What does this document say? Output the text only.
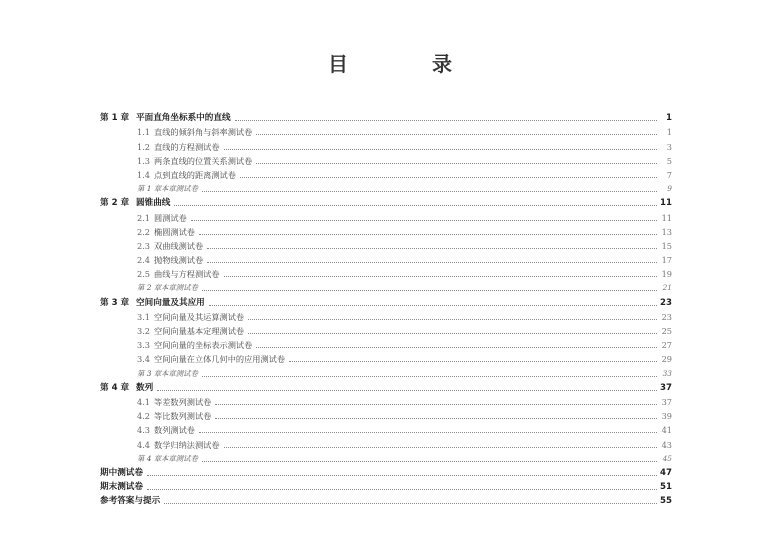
目　录
第 1 章 平面直角坐标系中的直线	1
1.1 直线的倾斜角与斜率测试卷	1
1.2 直线的方程测试卷	3
1.3 两条直线的位置关系测试卷	5
1.4 点到直线的距离测试卷	7
第 1 章 本章测试卷	9
第 2 章 圆锥曲线	11
2.1 圆测试卷	11
2.2 椭圆测试卷	13
2.3 双曲线测试卷	15
2.4 抛物线测试卷	17
2.5 曲线与方程测试卷	19
第 2 章 本章测试卷	21
第 3 章 空间向量及其应用	23
3.1 空间向量及其运算测试卷	23
3.2 空间向量基本定理测试卷	25
3.3 空间向量的坐标表示测试卷	27
3.4 空间向量在立体几何中的应用测试卷	29
第 3 章 本章测试卷	33
第 4 章 数列	37
4.1 等差数列测试卷	37
4.2 等比数列测试卷	39
4.3 数列测试卷	41
4.4 数学归纳法测试卷	43
第 4 章 本章测试卷	45
期中测试卷	47
期末测试卷	51
参考答案与提示	55
